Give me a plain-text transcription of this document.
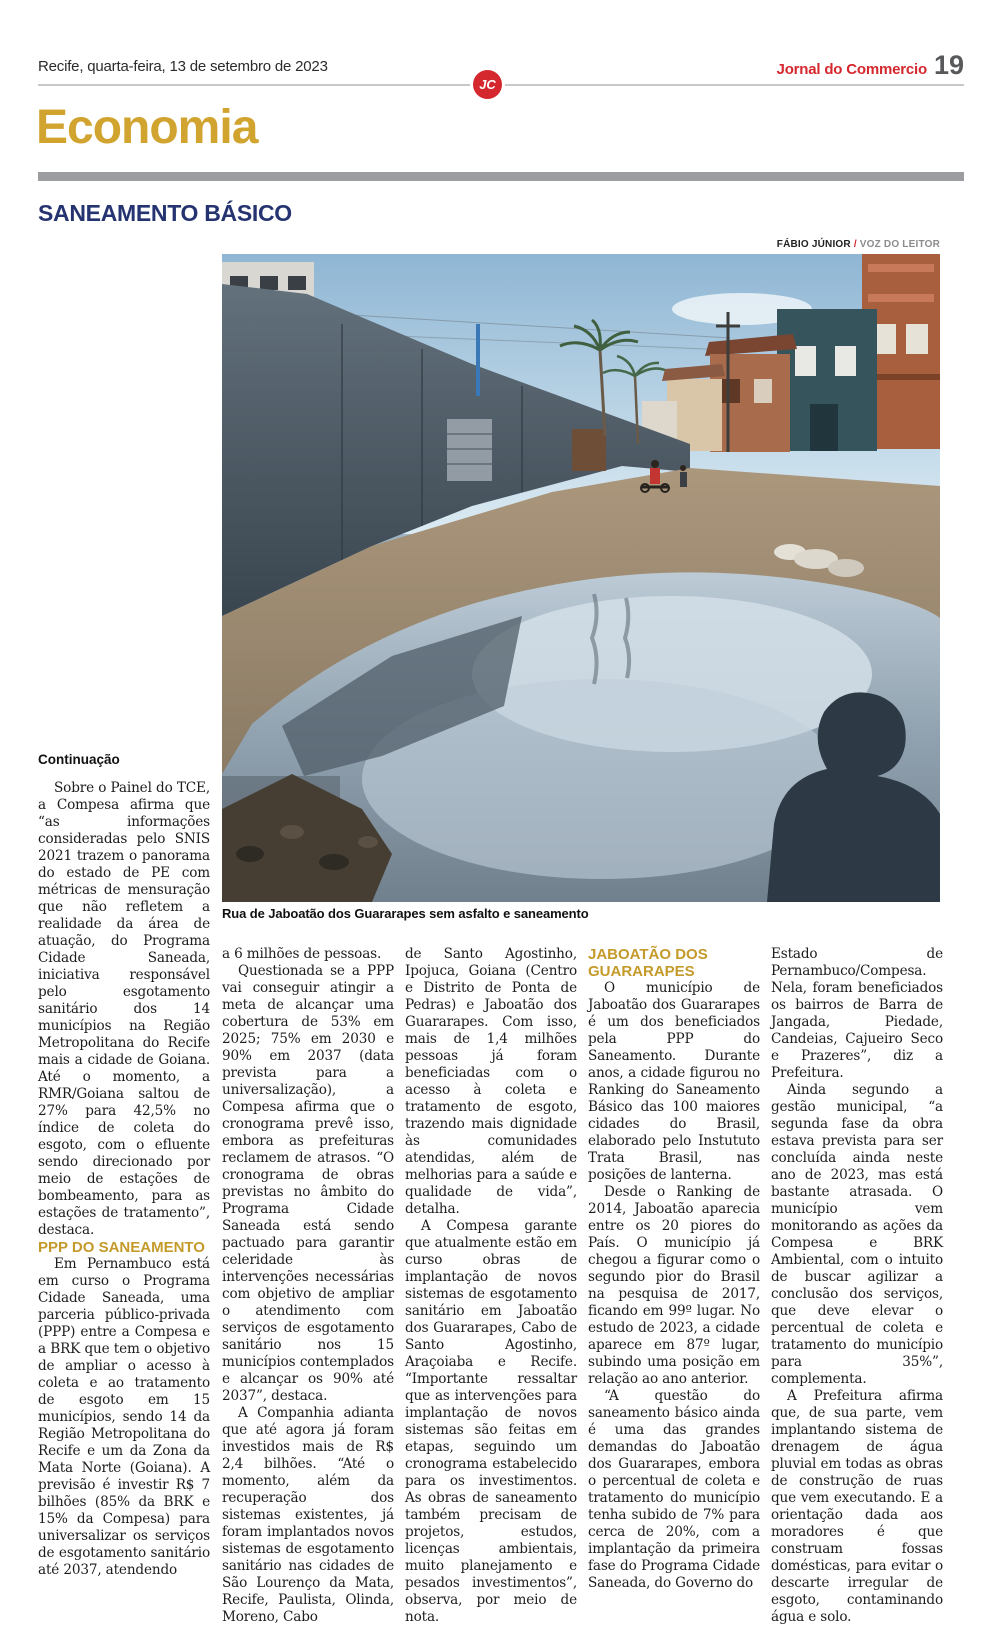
Recife, quarta-feira, 13 de setembro de 2023	Jornal do Commercio 19
JC
Economia
SANEAMENTO BÁSICO
FÁBIO JÚNIOR / VOZ DO LEITOR
Rua de Jaboatão dos Guararapes sem asfalto e saneamento
Continuação

Sobre o Painel do TCE, a Compesa afirma que “as informações consideradas pelo SNIS 2021 trazem o panorama do estado de PE com métricas de mensuração que não refletem a realidade da área de atuação, do Programa Cidade Saneada, iniciativa responsável pelo esgotamento sanitário dos 14 municípios na Região Metropolitana do Recife mais a cidade de Goiana. Até o momento, a RMR/Goiana saltou de 27% para 42,5% no índice de coleta do esgoto, com o efluente sendo direcionado por meio de estações de bombeamento, para as estações de tratamento”, destaca.

PPP DO SANEAMENTO

Em Pernambuco está em curso o Programa Cidade Saneada, uma parceria público-privada (PPP) entre a Compesa e a BRK que tem o objetivo de ampliar o acesso à coleta e ao tratamento de esgoto em 15 municípios, sendo 14 da Região Metropolitana do Recife e um da Zona da Mata Norte (Goiana). A previsão é investir R$ 7 bilhões (85% da BRK e 15% da Compesa) para universalizar os serviços de esgotamento sanitário até 2037, atendendo

a 6 milhões de pessoas.

Questionada se a PPP vai conseguir atingir a meta de alcançar uma cobertura de 53% em 2025; 75% em 2030 e 90% em 2037 (data prevista para a universalização), a Compesa afirma que o cronograma prevê isso, embora as prefeituras reclamem de atrasos. “O cronograma de obras previstas no âmbito do Programa Cidade Saneada está sendo pactuado para garantir celeridade às intervenções necessárias com objetivo de ampliar o atendimento com serviços de esgotamento sanitário nos 15 municípios contemplados e alcançar os 90% até 2037”, destaca.

A Companhia adianta que até agora já foram investidos mais de R$ 2,4 bilhões. “Até o momento, além da recuperação dos sistemas existentes, já foram implantados novos sistemas de esgotamento sanitário nas cidades de São Lourenço da Mata, Recife, Paulista, Olinda, Moreno, Cabo

de Santo Agostinho, Ipojuca, Goiana (Centro e Distrito de Ponta de Pedras) e Jaboatão dos Guararapes. Com isso, mais de 1,4 milhões pessoas já foram beneficiadas com o acesso à coleta e tratamento de esgoto, trazendo mais dignidade às comunidades atendidas, além de melhorias para a saúde e qualidade de vida”, detalha.

A Compesa garante que atualmente estão em curso obras de implantação de novos sistemas de esgotamento sanitário em Jaboatão dos Guararapes, Cabo de Santo Agostinho, Araçoiaba e Recife. “Importante ressaltar que as intervenções para implantação de novos sistemas são feitas em etapas, seguindo um cronograma estabelecido para os investimentos. As obras de saneamento também precisam de projetos, estudos, licenças ambientais, muito planejamento e pesados investimentos”, observa, por meio de nota.

JABOATÃO DOS GUARARAPES

O município de Jaboatão dos Guararapes é um dos beneficiados pela PPP do Saneamento. Durante anos, a cidade figurou no Ranking do Saneamento Básico das 100 maiores cidades do Brasil, elaborado pelo Instututo Trata Brasil, nas posições de lanterna.

Desde o Ranking de 2014, Jaboatão aparecia entre os 20 piores do País. O município já chegou a figurar como o segundo pior do Brasil na pesquisa de 2017, ficando em 99º lugar. No estudo de 2023, a cidade aparece em 87º lugar, subindo uma posição em relação ao ano anterior.

“A questão do saneamento básico ainda é uma das grandes demandas do Jaboatão dos Guararapes, embora o percentual de coleta e tratamento do município tenha subido de 7% para cerca de 20%, com a implantação da primeira fase do Programa Cidade Saneada, do Governo do

Estado de Pernambuco/Compesa. Nela, foram beneficiados os bairros de Barra de Jangada, Piedade, Candeias, Cajueiro Seco e Prazeres”, diz a Prefeitura.

Ainda segundo a gestão municipal, “a segunda fase da obra estava prevista para ser concluída ainda neste ano de 2023, mas está bastante atrasada. O município vem monitorando as ações da Compesa e BRK Ambiental, com o intuito de buscar agilizar a conclusão dos serviços, que deve elevar o percentual de coleta e tratamento do município para 35%”, complementa.

A Prefeitura afirma que, de sua parte, vem implantando sistema de drenagem de água pluvial em todas as obras de construção de ruas que vem executando. E a orientação dada aos moradores é que construam fossas domésticas, para evitar o descarte irregular de esgoto, contaminando água e solo.
